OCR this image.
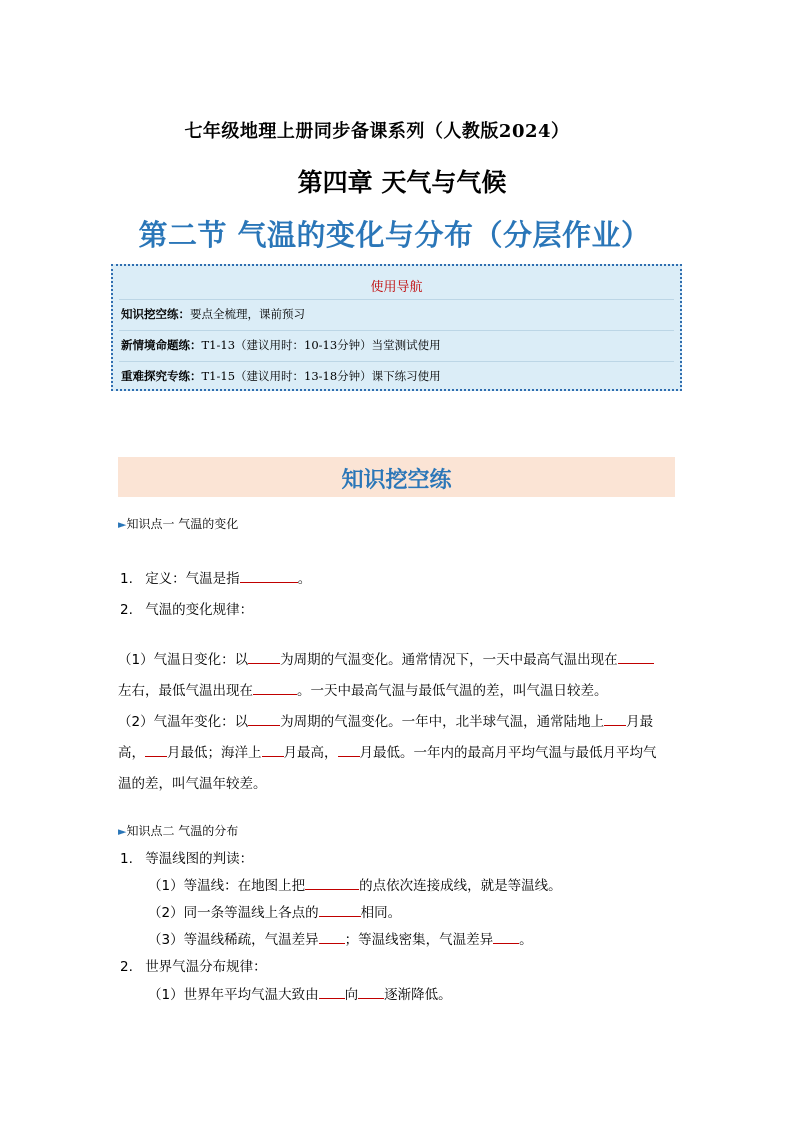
七年级地理上册同步备课系列（人教版2024）
第四章 天气与气候
第二节 气温的变化与分布（分层作业）
使用导航
知识挖空练：要点全梳理，课前预习
新情境命题练：T1-13（建议用时：10-13分钟）当堂测试使用
重难探究专练：T1-15（建议用时：13-18分钟）课下练习使用
知识挖空练
►知识点一 气温的变化
1. 定义：气温是指	。
2. 气温的变化规律：
（1）气温日变化：以 为周期的气温变化。通常情况下，一天中最高气温出现在
左右，最低气温出现在	。一天中最高气温与最低气温的差，叫气温日较差。
（2）气温年变化：以 为周期的气温变化。一年中，北半球气温，通常陆地上 月最
高， 月最低；海洋上 月最高， 月最低。一年内的最高月平均气温与最低月平均气
温的差，叫气温年较差。
►知识点二 气温的分布
1. 等温线图的判读：
（1）等温线：在地图上把	的点依次连接成线，就是等温线。
（2）同一条等温线上各点的	相同。
（3）等温线稀疏，气温差异 ；等温线密集，气温差异 。
2. 世界气温分布规律：
（1）世界年平均气温大致由 向 逐渐降低。
